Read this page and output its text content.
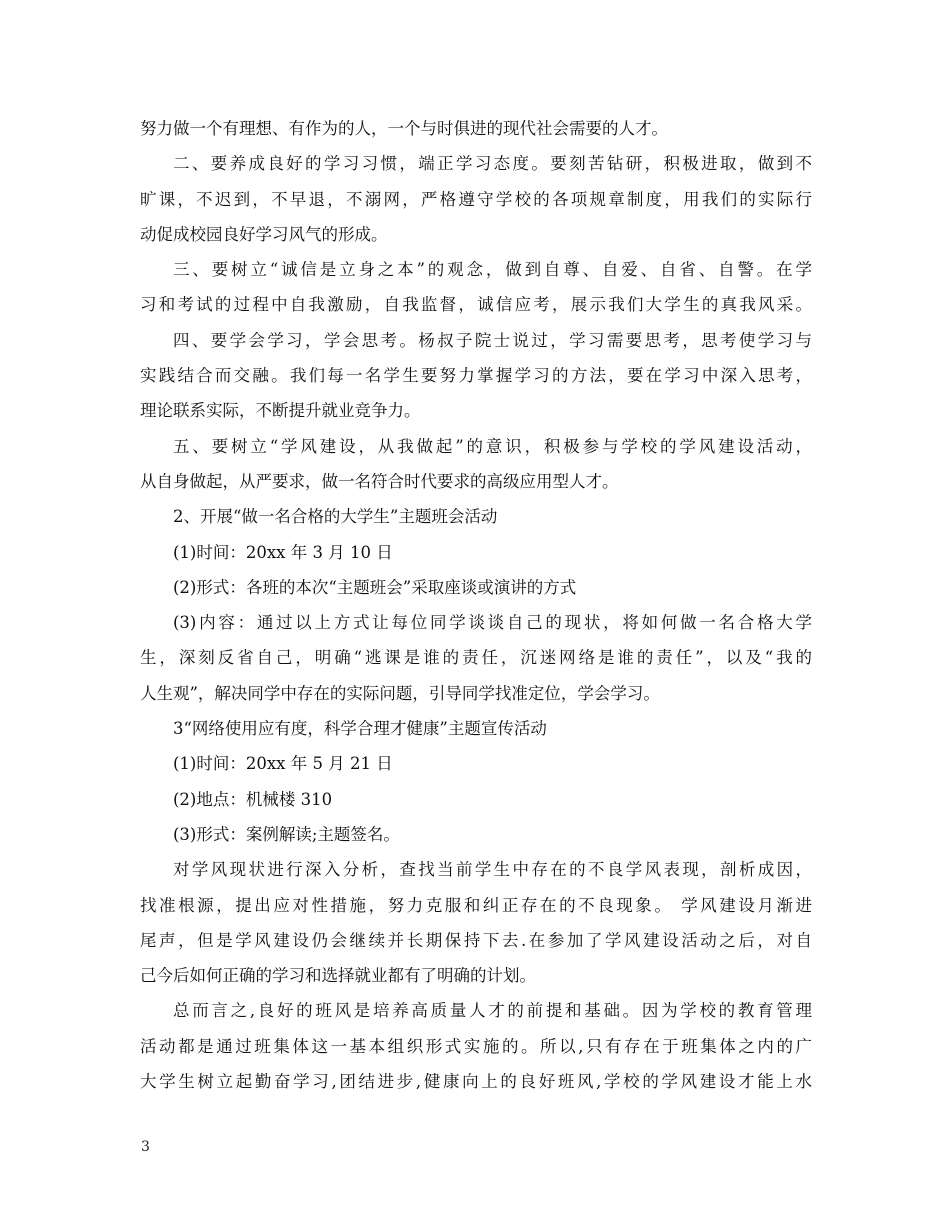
努力做一个有理想、有作为的人，一个与时俱进的现代社会需要的人才。
二、要养成良好的学习习惯，端正学习态度。要刻苦钻研，积极进取，做到不
旷课，不迟到，不早退，不溺网，严格遵守学校的各项规章制度，用我们的实际行
动促成校园良好学习风气的形成。
三、要树立“诚信是立身之本”的观念，做到自尊、自爱、自省、自警。在学
习和考试的过程中自我激励，自我监督，诚信应考，展示我们大学生的真我风采。
四、要学会学习，学会思考。杨叔子院士说过，学习需要思考，思考使学习与
实践结合而交融。我们每一名学生要努力掌握学习的方法，要在学习中深入思考，
理论联系实际，不断提升就业竞争力。
五、要树立“学风建设，从我做起”的意识，积极参与学校的学风建设活动，
从自身做起，从严要求，做一名符合时代要求的高级应用型人才。
2、开展“做一名合格的大学生”主题班会活动
(1)时间：20xx 年 3 月 10 日
(2)形式：各班的本次“主题班会”采取座谈或演讲的方式
(3)内容：通过以上方式让每位同学谈谈自己的现状，将如何做一名合格大学
生，深刻反省自己，明确“逃课是谁的责任，沉迷网络是谁的责任”，以及“我的
人生观”，解决同学中存在的实际问题，引导同学找准定位，学会学习。
3“网络使用应有度，科学合理才健康”主题宣传活动
(1)时间：20xx 年 5 月 21 日
(2)地点：机械楼 310
(3)形式：案例解读;主题签名。
对学风现状进行深入分析，查找当前学生中存在的不良学风表现，剖析成因，
找准根源，提出应对性措施，努力克服和纠正存在的不良现象。 学风建设月渐进
尾声，但是学风建设仍会继续并长期保持下去.在参加了学风建设活动之后，对自
己今后如何正确的学习和选择就业都有了明确的计划。
总而言之,良好的班风是培养高质量人才的前提和基础。因为学校的教育管理
活动都是通过班集体这一基本组织形式实施的。所以,只有存在于班集体之内的广
大学生树立起勤奋学习,团结进步,健康向上的良好班风,学校的学风建设才能上水
3
